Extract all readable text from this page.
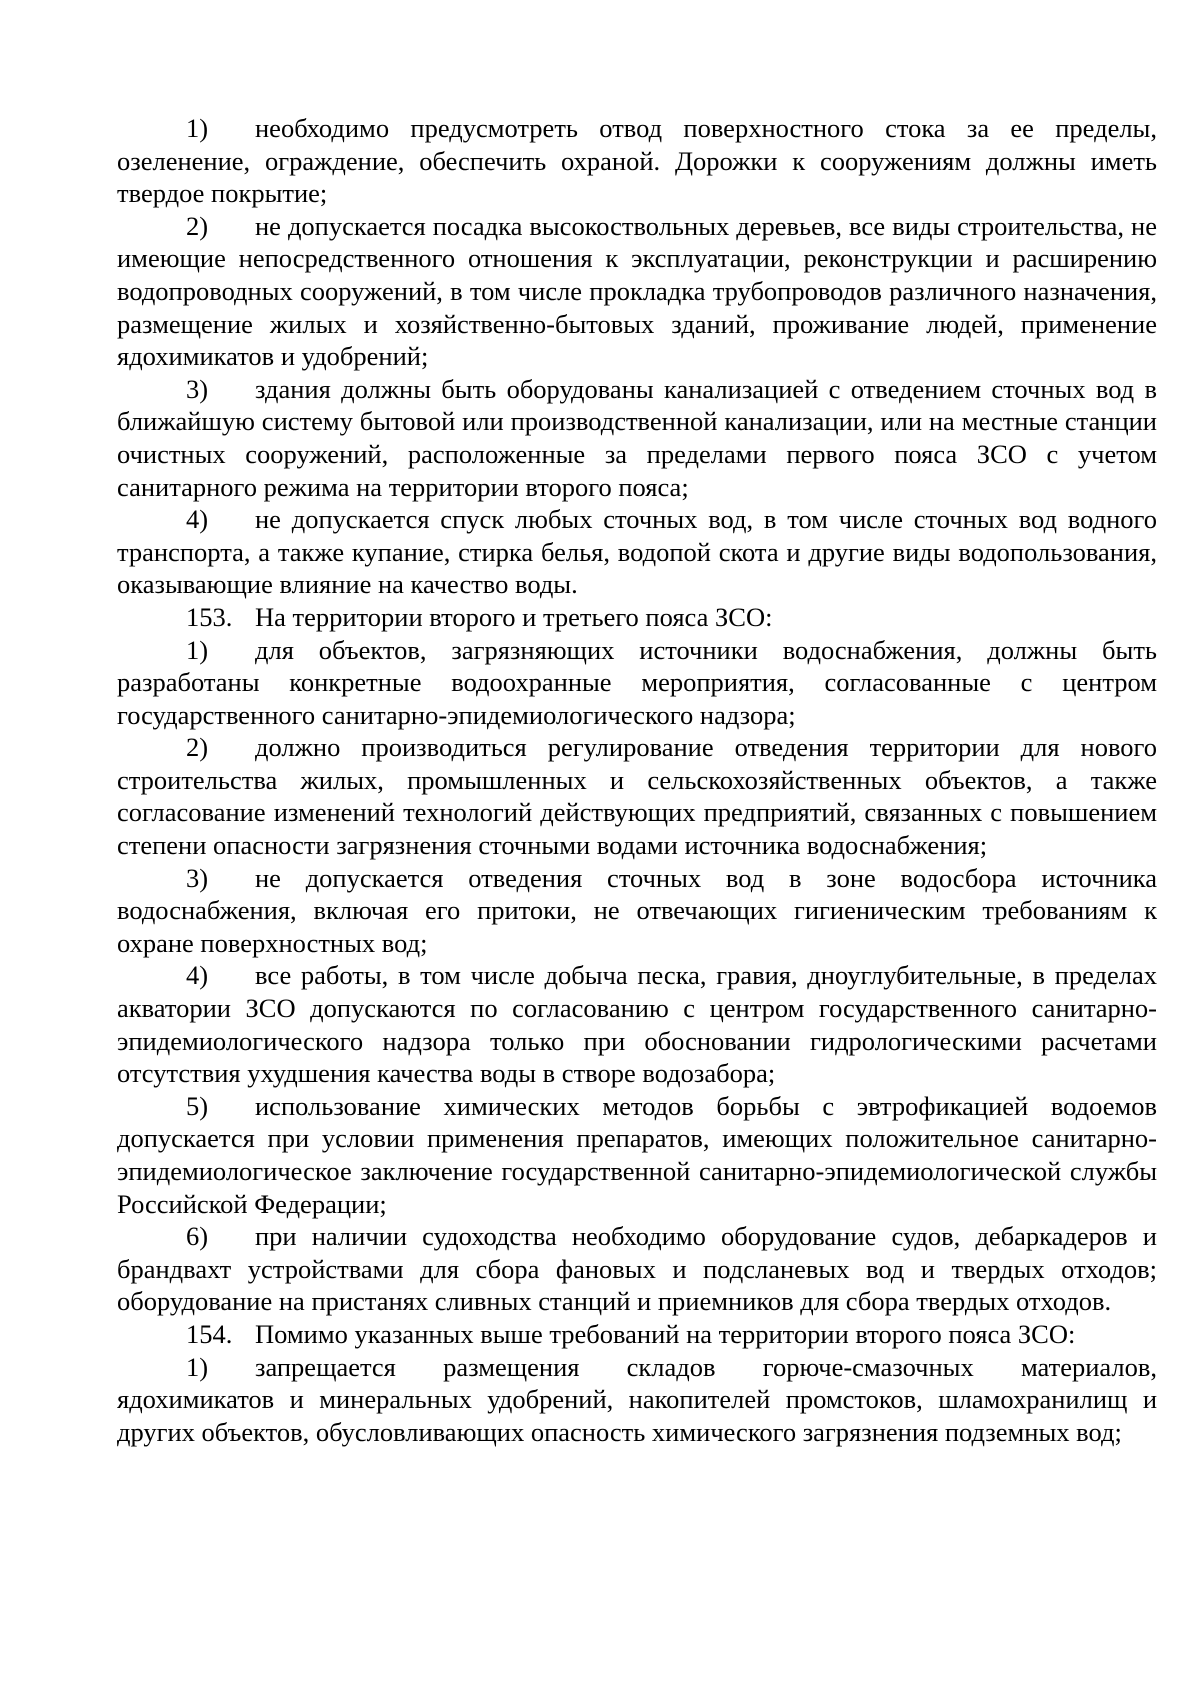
1) необходимо предусмотреть отвод поверхностного стока за ее пределы, озеленение, ограждение, обеспечить охраной. Дорожки к сооружениям должны иметь твердое покрытие;

2) не допускается посадка высокоствольных деревьев, все виды строительства, не имеющие непосредственного отношения к эксплуатации, реконструкции и расширению водопроводных сооружений, в том числе прокладка трубопроводов различного назначения, размещение жилых и хозяйственно-бытовых зданий, проживание людей, применение ядохимикатов и удобрений;

3) здания должны быть оборудованы канализацией с отведением сточных вод в ближайшую систему бытовой или производственной канализации, или на местные станции очистных сооружений, расположенные за пределами первого пояса ЗСО с учетом санитарного режима на территории второго пояса;

4) не допускается спуск любых сточных вод, в том числе сточных вод водного транспорта, а также купание, стирка белья, водопой скота и другие виды водопользования, оказывающие влияние на качество воды.

153. На территории второго и третьего пояса ЗСО:

1) для объектов, загрязняющих источники водоснабжения, должны быть разработаны конкретные водоохранные мероприятия, согласованные с центром государственного санитарно-эпидемиологического надзора;

2) должно производиться регулирование отведения территории для нового строительства жилых, промышленных и сельскохозяйственных объектов, а также согласование изменений технологий действующих предприятий, связанных с повышением степени опасности загрязнения сточными водами источника водоснабжения;

3) не допускается отведения сточных вод в зоне водосбора источника водоснабжения, включая его притоки, не отвечающих гигиеническим требованиям к охране поверхностных вод;

4) все работы, в том числе добыча песка, гравия, дноуглубительные, в пределах акватории ЗСО допускаются по согласованию с центром государственного санитарно-эпидемиологического надзора только при обосновании гидрологическими расчетами отсутствия ухудшения качества воды в створе водозабора;

5) использование химических методов борьбы с эвтрофикацией водоемов допускается при условии применения препаратов, имеющих положительное санитарно-эпидемиологическое заключение государственной санитарно-эпидемиологической службы Российской Федерации;

6) при наличии судоходства необходимо оборудование судов, дебаркадеров и брандвахт устройствами для сбора фановых и подсланевых вод и твердых отходов; оборудование на пристанях сливных станций и приемников для сбора твердых отходов.

154. Помимо указанных выше требований на территории второго пояса ЗСО:

1) запрещается размещения складов горюче-смазочных материалов, ядохимикатов и минеральных удобрений, накопителей промстоков, шламохранилищ и других объектов, обусловливающих опасность химического загрязнения подземных вод;
